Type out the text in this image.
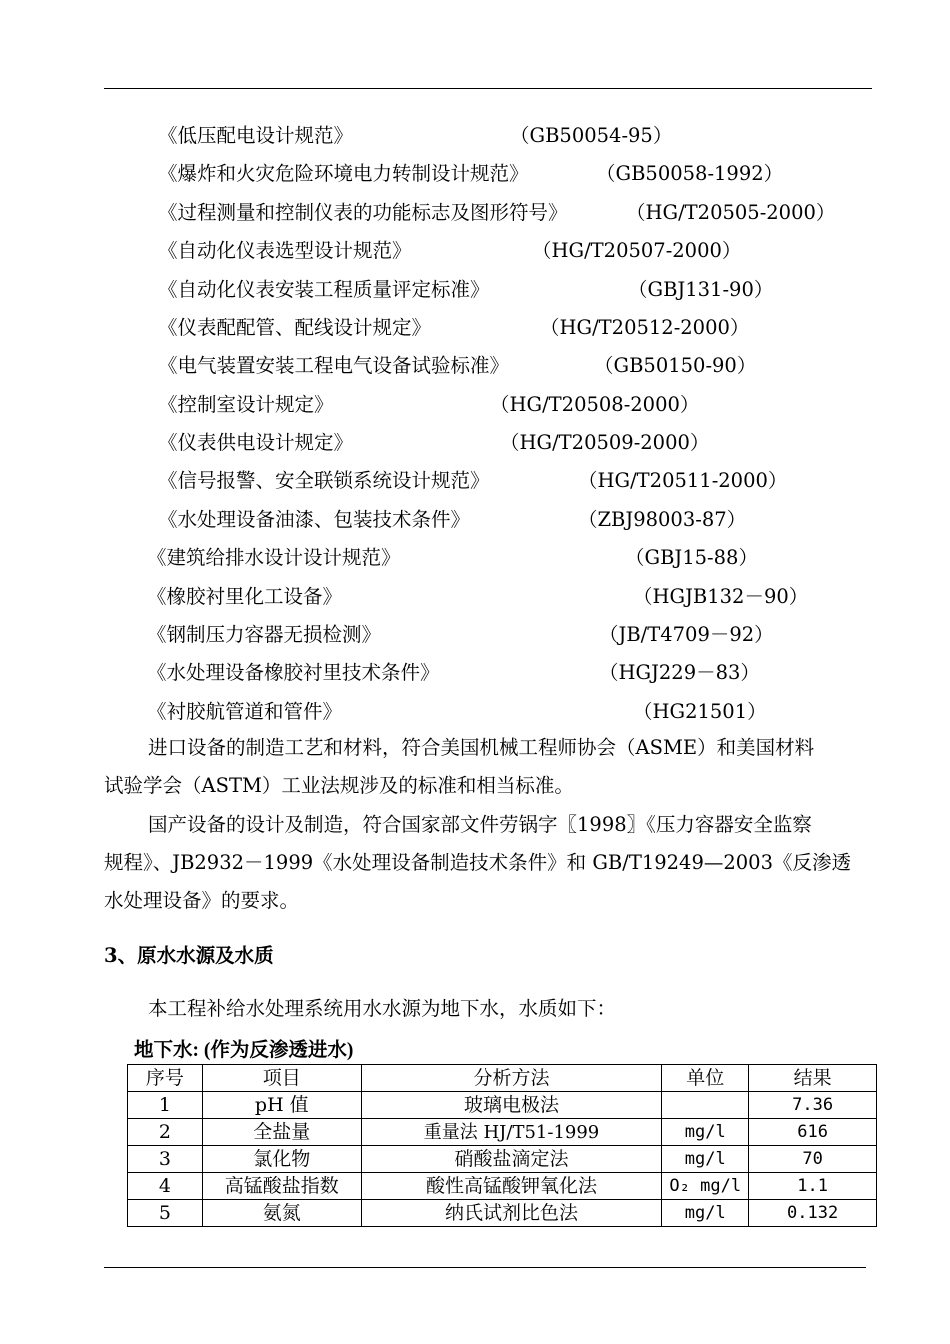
《低压配电设计规范》	（GB50054-95）
《爆炸和火灾危险环境电力转制设计规范》	（GB50058-1992）
《过程测量和控制仪表的功能标志及图形符号》	（HG/T20505-2000）
《自动化仪表选型设计规范》	（HG/T20507-2000）
《自动化仪表安装工程质量评定标准》	（GBJ131-90）
《仪表配配管、配线设计规定》	（HG/T20512-2000）
《电气装置安装工程电气设备试验标准》	（GB50150-90）
《控制室设计规定》	（HG/T20508-2000）
《仪表供电设计规定》	（HG/T20509-2000）
《信号报警、安全联锁系统设计规范》	（HG/T20511-2000）
《水处理设备油漆、包装技术条件》	（ZBJ98003-87）
《建筑给排水设计设计规范》	（GBJ15-88）
《橡胶衬里化工设备》	（HGJB132－90）
《钢制压力容器无损检测》	（JB/T4709－92）
《水处理设备橡胶衬里技术条件》	（HGJ229－83）
《衬胶航管道和管件》	（HG21501）
进口设备的制造工艺和材料，符合美国机械工程师协会（ASME）和美国材料
试验学会（ASTM）工业法规涉及的标准和相当标准。
国产设备的设计及制造，符合国家部文件劳锅字〖1998〗《压力容器安全监察
规程》、JB2932－1999《水处理设备制造技术条件》和 GB/T19249—2003《反渗透
水处理设备》的要求。
3、原水水源及水质
本工程补给水处理系统用水水源为地下水，水质如下：
地下水: (作为反渗透进水)
序号	项目	分析方法	单位	结果
1	pH 值	玻璃电极法		7.36
2	全盐量	重量法 HJ/T51-1999	mg/l	616
3	氯化物	硝酸盐滴定法	mg/l	70
4	高锰酸盐指数	酸性高锰酸钾氧化法	O₂ mg/l	1.1
5	氨氮	纳氏试剂比色法	mg/l	0.132
